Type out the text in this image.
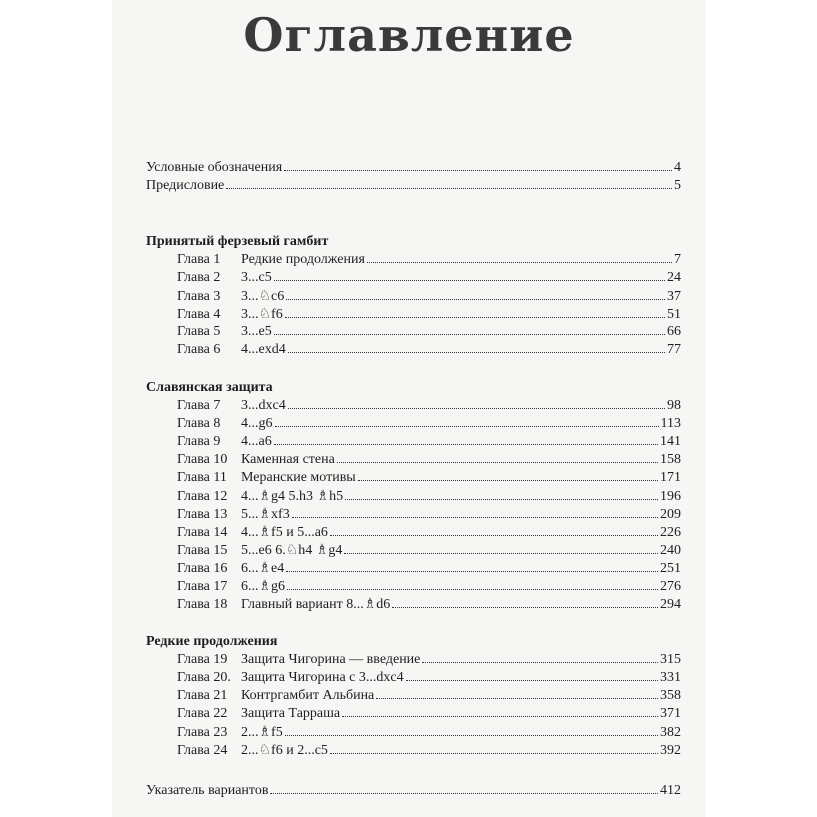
Оглавление
Условные обозначения	4
Предисловие	5
Принятый ферзевый гамбит
Глава 1	Редкие продолжения	7
Глава 2	3...c5	24
Глава 3	3...♘c6	37
Глава 4	3...♘f6	51
Глава 5	3...e5	66
Глава 6	4...exd4	77
Славянская защита
Глава 7	3...dxc4	98
Глава 8	4...g6	113
Глава 9	4...a6	141
Глава 10 Каменная стена	158
Глава 11	Меранские мотивы	171
Глава 12 4...♗g4 5.h3 ♗h5	196
Глава 13 5...♗xf3	209
Глава 14 4...♗f5 и 5...a6	226
Глава 15 5...e6 6.♘h4 ♗g4	240
Глава 16 6...♗e4	251
Глава 17 6...♗g6	276
Глава 18 Главный вариант 8...♗d6	294
Редкие продолжения
Глава 19 Защита Чигорина — введение	315
Глава 20. Защита Чигорина с 3...dxc4	331
Глава 21 Контргамбит Альбина	358
Глава 22 Защита Тарраша	371
Глава 23 2...♗f5	382
Глава 24 2...♘f6 и 2...c5	392
Указатель вариантов	412
